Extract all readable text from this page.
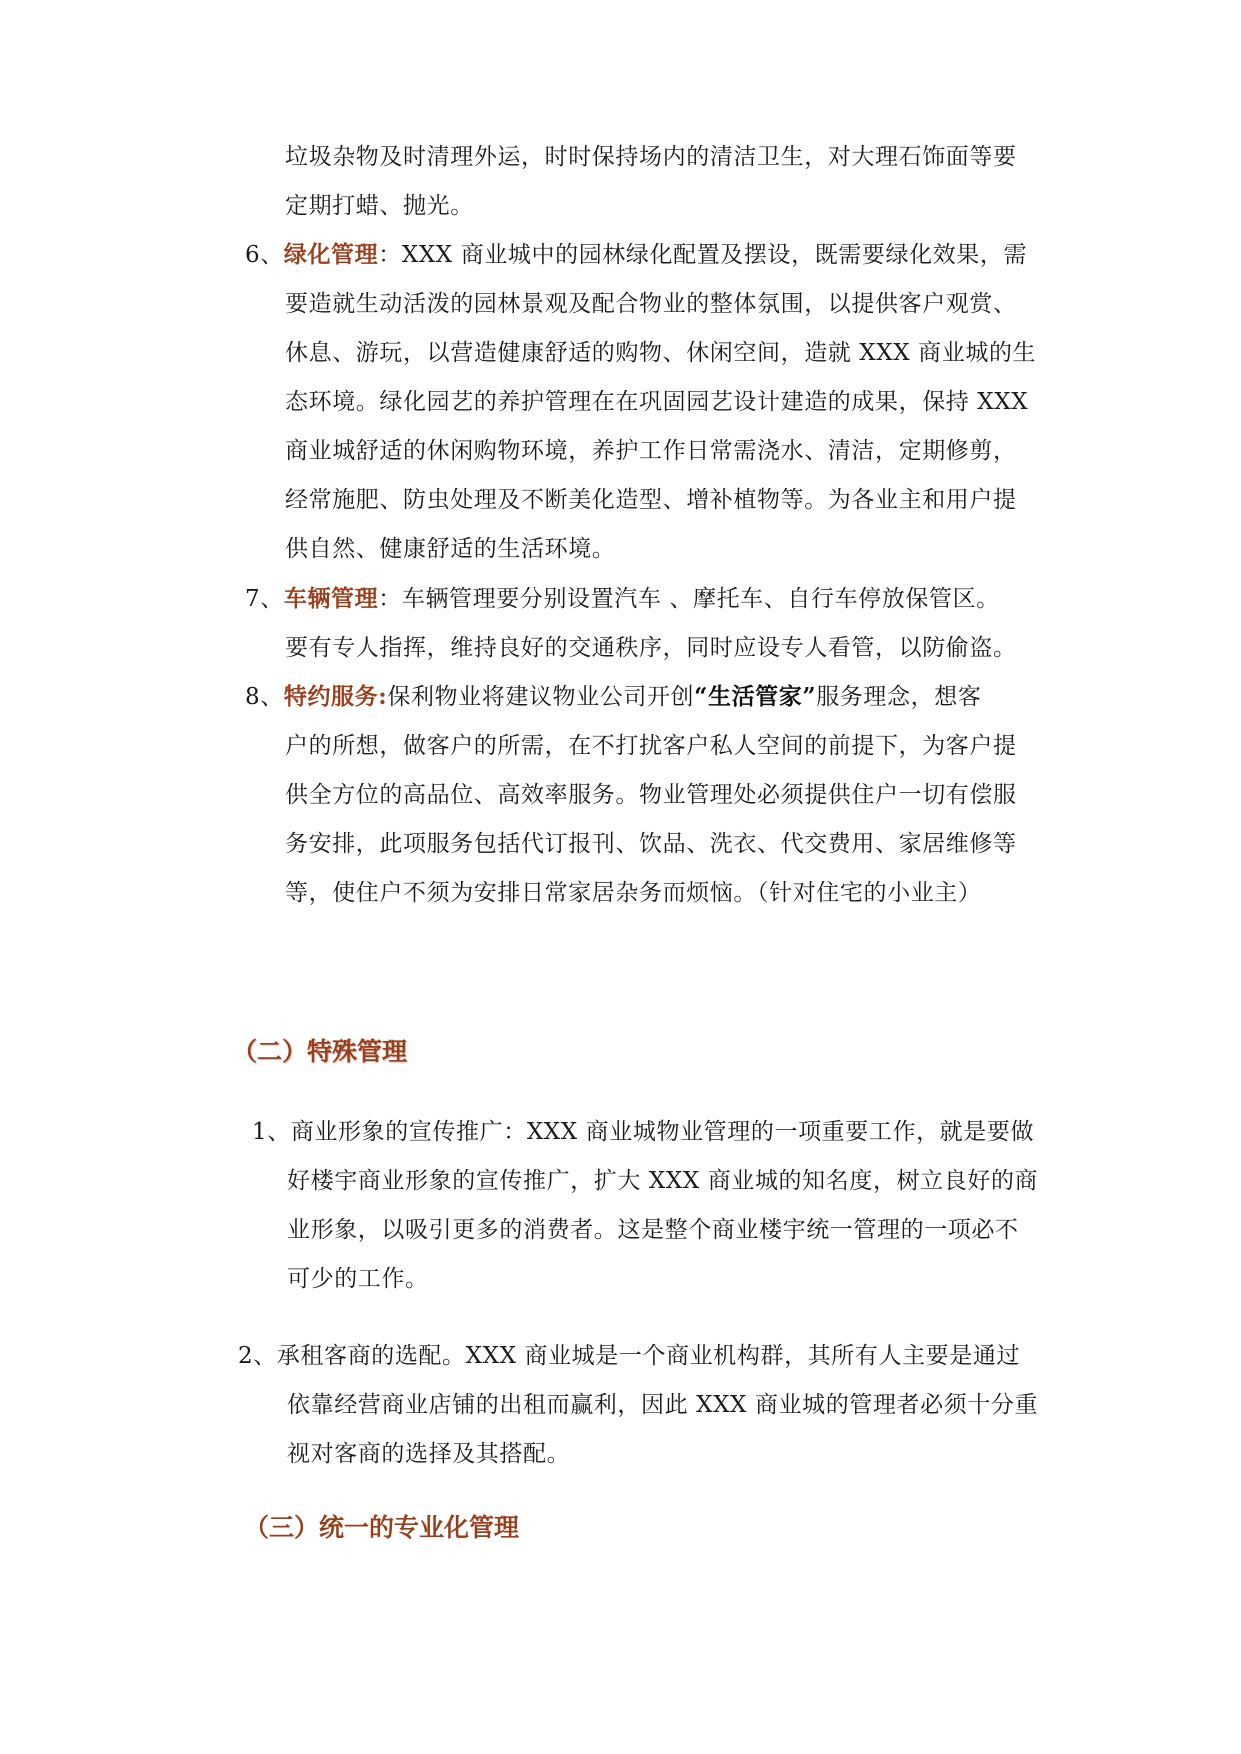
垃圾杂物及时清理外运，时时保持场内的清洁卫生，对大理石饰面等要
定期打蜡、抛光。
6、绿化管理：XXX 商业城中的园林绿化配置及摆设，既需要绿化效果，需
要造就生动活泼的园林景观及配合物业的整体氛围，以提供客户观赏、
休息、游玩，以营造健康舒适的购物、休闲空间，造就 XXX 商业城的生
态环境。绿化园艺的养护管理在在巩固园艺设计建造的成果，保持 XXX
商业城舒适的休闲购物环境，养护工作日常需浇水、清洁，定期修剪，
经常施肥、防虫处理及不断美化造型、增补植物等。为各业主和用户提
供自然、健康舒适的生活环境。
7、车辆管理：车辆管理要分别设置汽车 、摩托车、自行车停放保管区。
要有专人指挥，维持良好的交通秩序，同时应设专人看管，以防偷盗。
8、特约服务:保利物业将建议物业公司开创“生活管家”服务理念，想客
户的所想，做客户的所需，在不打扰客户私人空间的前提下，为客户提
供全方位的高品位、高效率服务。物业管理处必须提供住户一切有偿服
务安排，此项服务包括代订报刊、饮品、洗衣、代交费用、家居维修等
等，使住户不须为安排日常家居杂务而烦恼。（针对住宅的小业主）
（二）特殊管理
1、商业形象的宣传推广：XXX 商业城物业管理的一项重要工作，就是要做
好楼宇商业形象的宣传推广，扩大 XXX 商业城的知名度，树立良好的商
业形象，以吸引更多的消费者。这是整个商业楼宇统一管理的一项必不
可少的工作。
2、承租客商的选配。XXX 商业城是一个商业机构群，其所有人主要是通过
依靠经营商业店铺的出租而赢利，因此 XXX 商业城的管理者必须十分重
视对客商的选择及其搭配。
（三）统一的专业化管理
